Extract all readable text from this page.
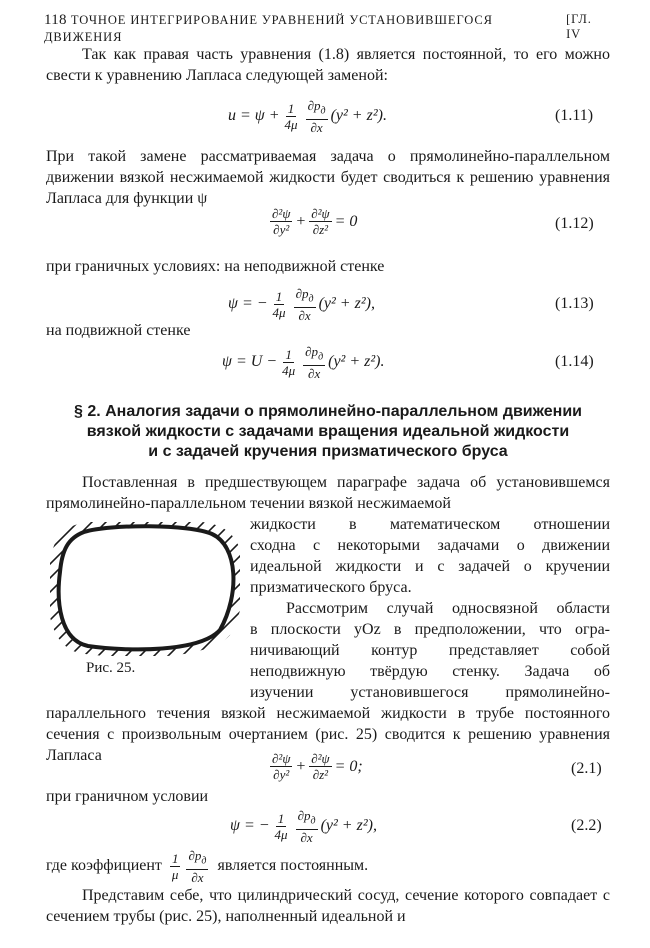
118 ТОЧНОЕ ИНТЕГРИРОВАНИЕ УРАВНЕНИЙ УСТАНОВИВШЕГОСЯ ДВИЖЕНИЯ
[ГЛ. IV
Так как правая часть уравнения (1.8) является постоянной, то его можно свести к уравнению Лапласа следующей заменой:
$u = \psi + \frac{1}{4\mu} \frac{\partial p_д}{\partial x} (y^2 + z^2)$.	(1.11)
При такой замене рассматриваемая задача о прямолинейно-параллельном движении вязкой несжимаемой жидкости будет сводиться к решению уравнения Лапласа для функции ψ
$\frac{\text{∂²ψ}}{\text{∂y²}} + \frac{\text{∂²ψ}}{\text{∂z²}} = 0$	(1.12)
при граничных условиях: на неподвижной стенке
ψ = − $\frac{1}{4\mu} \frac{\partial p_д}{\partial x} (y^2 + z^2)$,	(1.13)
на подвижной стенке
$\psi = U - \frac{1}{4\mu} \frac{\partial p_д}{\partial x} (y^2 + z^2)$.	(1.14)
§ 2. Аналогия задачи о прямолинейно-параллельном движении
вязкой жидкости с задачами вращения идеальной жидкости
и с задачей кручения призматического бруса
Поставленная в предшествующем параграфе задача об установившемся прямолинейно-параллельном течении вязкой несжимаемой
Рис. 25.
жидкости в математическом отношении
сходна с некоторыми задачами о движении
идеальной жидкости и с задачей о кручении
призматического бруса.
Рассмотрим случай односвязной области
в плоскости yOz в предположении, что огра-
ничивающий контур представляет собой
неподвижную твёрдую стенку. Задача об
изучении установившегося прямолинейно-
параллельного течения вязкой несжимаемой жидкости в трубе постоянного сечения с произвольным очертанием (рис. 25) сводится к решению уравнения Лапласа	$\frac{\text{∂²ψ}}{\text{∂y²}} + \frac{\text{∂²ψ}}{\text{∂z²}} = 0$;	(2.1)
при граничном условии
ψ = − $\frac{1}{4\mu} \frac{\partial p_д}{\partial x} (y^2 + z^2)$,	(2.2)
где коэффициент $\frac{1}{\mu} \frac{\partial p_д}{\partial x}$ является постоянным.
Представим себе, что цилиндрический сосуд, сечение которого совпадает с сечением трубы (рис. 25), наполненный идеальной и
